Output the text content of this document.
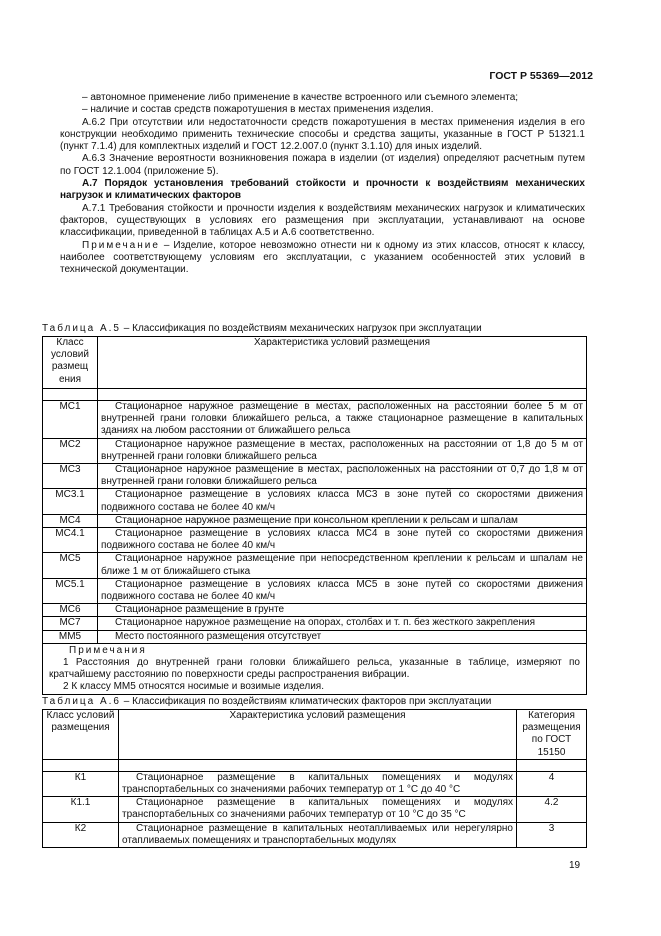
ГОСТ Р 55369—2012

– автономное применение либо применение в качестве встроенного или съемного элемента;

– наличие и состав средств пожаротушения в местах применения изделия.

А.6.2 При отсутствии или недостаточности средств пожаротушения в местах применения изделия в его конструкции необходимо применить технические способы и средства защиты, указанные в ГОСТ Р 51321.1 (пункт 7.1.4) для комплектных изделий и ГОСТ 12.2.007.0 (пункт 3.1.10) для иных изделий.

А.6.3 Значение вероятности возникновения пожара в изделии (от изделия) определяют расчетным путем по ГОСТ 12.1.004 (приложение 5).

А.7 Порядок установления требований стойкости и прочности к воздействиям механических нагрузок и климатических факторов

А.7.1 Требования стойкости и прочности изделия к воздействиям механических нагрузок и климатических факторов, существующих в условиях его размещения при эксплуатации, устанавливают на основе классификации, приведенной в таблицах А.5 и А.6 соответственно.

Примечание – Изделие, которое невозможно отнести ни к одному из этих классов, относят к классу, наиболее соответствующему условиям его эксплуатации, с указанием особенностей этих условий в технической документации.

Таблица А.5 – Классификация по воздействиям механических нагрузок при эксплуатации
Класс условий размещ ения	Характеристика условий размещения

МС1	Стационарное наружное размещение в местах, расположенных на расстоянии более 5 м от внутренней грани головки ближайшего рельса, а также стационарное размещение в капитальных зданиях на любом расстоянии от ближайшего рельса
МС2	Стационарное наружное размещение в местах, расположенных на расстоянии от 1,8 до 5 м от внутренней грани головки ближайшего рельса
МС3	Стационарное наружное размещение в местах, расположенных на расстоянии от 0,7 до 1,8 м от внутренней грани головки ближайшего рельса
МС3.1	Стационарное размещение в условиях класса МС3 в зоне путей со скоростями движения подвижного состава не более 40 км/ч
МС4	Стационарное наружное размещение при консольном креплении к рельсам и шпалам
МС4.1	Стационарное размещение в условиях класса МС4 в зоне путей со скоростями движения подвижного состава не более 40 км/ч
МС5	Стационарное наружное размещение при непосредственном креплении к рельсам и шпалам не ближе 1 м от ближайшего стыка
МС5.1	Стационарное размещение в условиях класса МС5 в зоне путей со скоростями движения подвижного состава не более 40 км/ч
МС6	Стационарное размещение в грунте
МС7	Стационарное наружное размещение на опорах, столбах и т. п. без жесткого закрепления
ММ5	Место постоянного размещения отсутствует

Примечания

1 Расстояния до внутренней грани головки ближайшего рельса, указанные в таблице, измеряют по кратчайшему расстоянию по поверхности среды распространения вибрации.

2 К классу ММ5 относятся носимые и возимые изделия.	

Таблица А.6 – Классификация по воздействиям климатических факторов при эксплуатации
Класс условий размещения	Характеристика условий размещения	Категория размещения по ГОСТ 15150

К1	Стационарное размещение в капитальных помещениях и модулях транспортабельных со значениями рабочих температур от 1 °С до 40 °С	4
К1.1	Стационарное размещение в капитальных помещениях и модулях транспортабельных со значениями рабочих температур от 10 °С до 35 °С	4.2
К2	Стационарное размещение в капитальных неотапливаемых или нерегулярно отапливаемых помещениях и транспортабельных модулях	3
19
